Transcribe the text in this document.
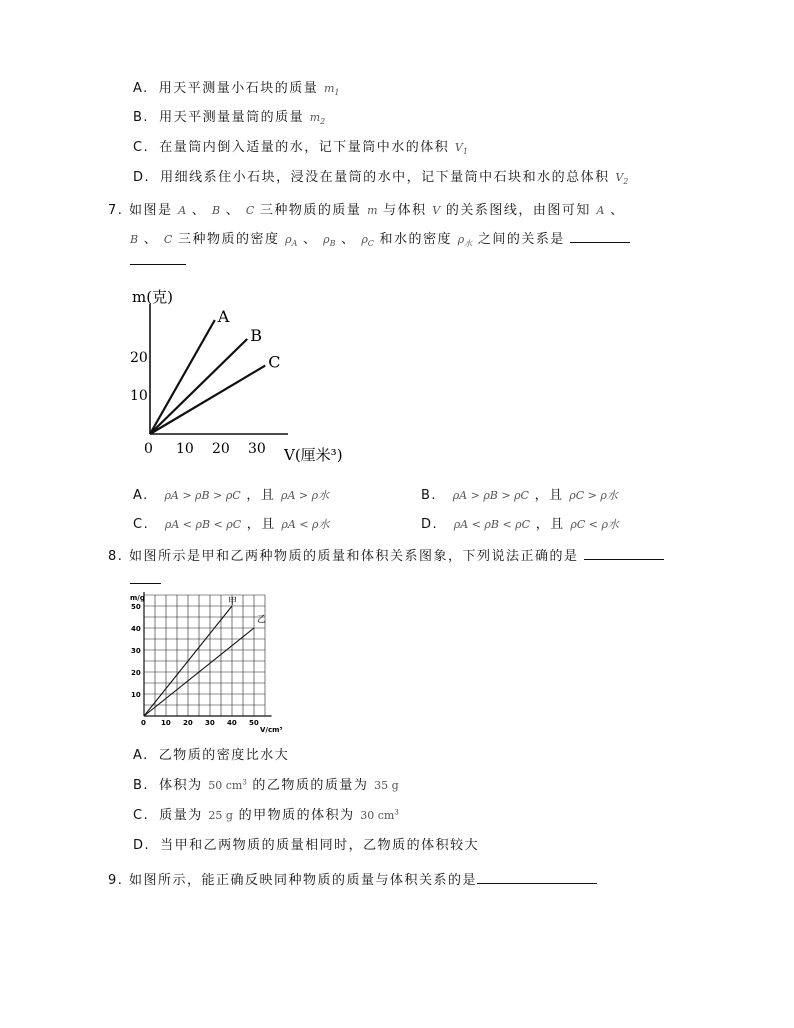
A. 用天平测量小石块的质量 $m_1$
B. 用天平测量量筒的质量 $m_2$
C. 在量筒内倒入适量的水，记下量筒中水的体积 $V_1$
D. 用细线系住小石块，浸没在量筒的水中，记下量筒中石块和水的总体积 $V_2$
7. 如图是 A 、 B 、 C 三种物质的质量 m 与体积 V 的关系图线，由图可知 A 、
B 、 C 三种物质的密度 $\rho_A$ 、 $\rho_B$ 、 $\rho_C$ 和水的密度 $\rho_水$ 之间的关系是
m(克)
V(厘米³)
0 10 20 30
10
20
A
B
C
A. ρA > ρB > ρC ，且 ρA > ρ水	B. ρA > ρB > ρC ，且 ρC > ρ水
C. ρA < ρB < ρC ，且 ρA < ρ水	D. ρA < ρB < ρC ，且 ρC < ρ水
8. 如图所示是甲和乙两种物质的质量和体积关系图象，下列说法正确的是
0 10 20 30 40 50
10
20
30
40
50	甲
乙
m/g
V/cm³
A. 乙物质的密度比水大
B. 体积为 50 $cm^3$ 的乙物质的质量为 35 g
C. 质量为 25 g 的甲物质的体积为 30 $cm^3$
D. 当甲和乙两物质的质量相同时，乙物质的体积较大
9. 如图所示，能正确反映同种物质的质量与体积关系的是
